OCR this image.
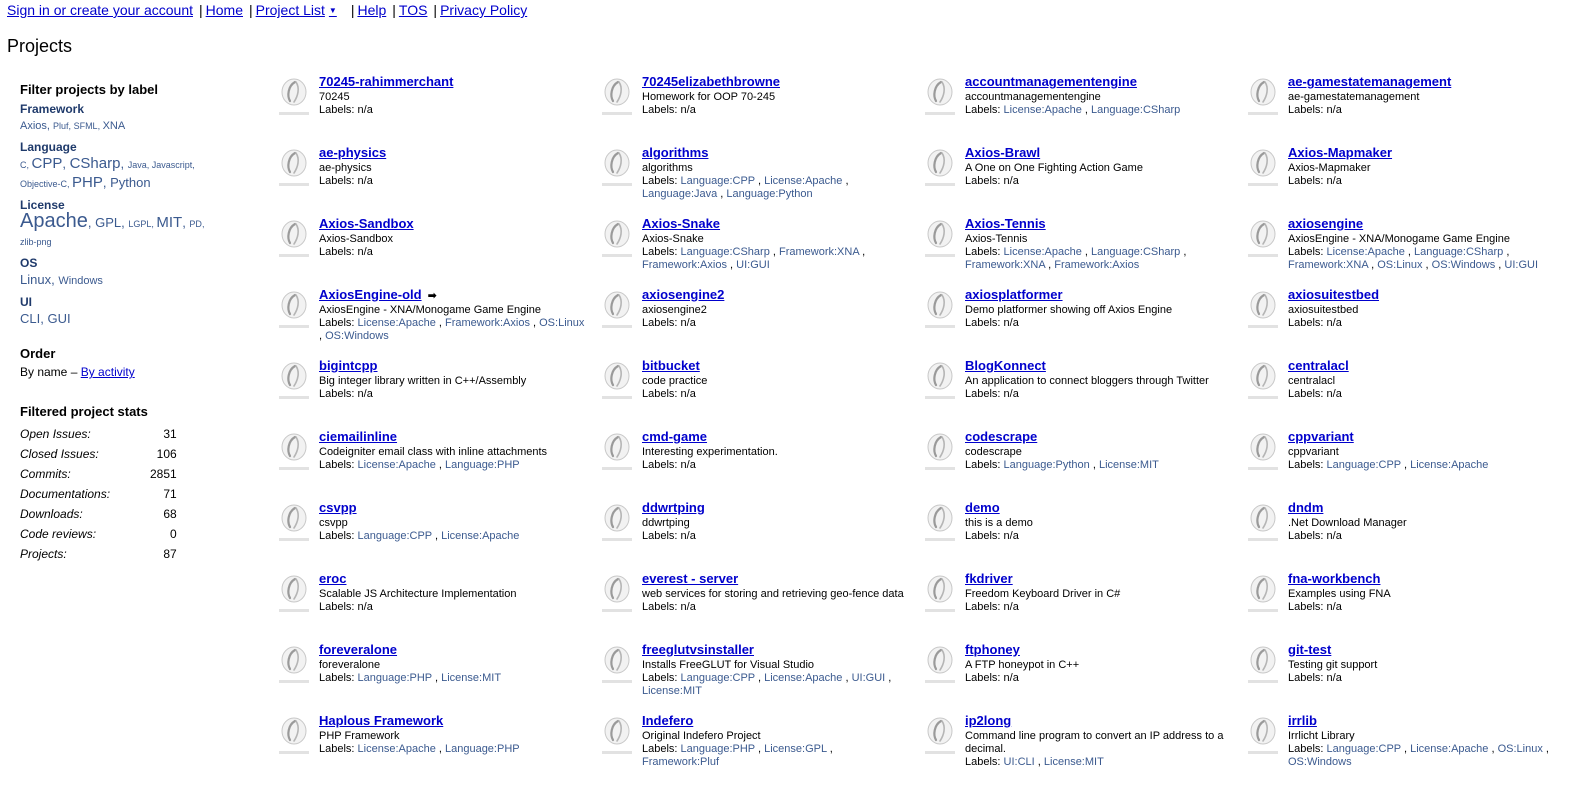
Sign in or create your account | Home | Project List ▼ | Help | TOS | Privacy Policy
Projects

Filter projects by label

Framework
Axios, Pluf, SFML, XNA
Language
C, CPP, CSharp, Java, Javascript, Objective-C, PHP, Python
License
Apache, GPL, LGPL, MIT, PD, zlib-png
OS
Linux, Windows
UI
CLI, GUI

Order

By name – By activity

Filtered project stats

Open Issues:	31
Closed Issues:	106
Commits:	2851
Documentations:	71
Downloads:	68
Code reviews:	0
Projects:	87
70245-rahimmerchant
70245
Labels: n/a
70245elizabethbrowne
Homework for OOP 70-245
Labels: n/a
accountmanagementengine
accountmanagementengine
Labels: License:Apache , Language:CSharp
ae-gamestatemanagement
ae-gamestatemanagement
Labels: n/a
ae-physics
ae-physics
Labels: n/a
algorithms
algorithms
Labels: Language:CPP , License:Apache , Language:Java , Language:Python
Axios-Brawl
A One on One Fighting Action Game
Labels: n/a
Axios-Mapmaker
Axios-Mapmaker
Labels: n/a
Axios-Sandbox
Axios-Sandbox
Labels: n/a
Axios-Snake
Axios-Snake
Labels: Language:CSharp , Framework:XNA , Framework:Axios , UI:GUI
Axios-Tennis
Axios-Tennis
Labels: License:Apache , Language:CSharp , Framework:XNA , Framework:Axios
axiosengine
AxiosEngine - XNA/Monogame Game Engine
Labels: License:Apache , Language:CSharp , Framework:XNA , OS:Linux , OS:Windows , UI:GUI
AxiosEngine-old ➡
AxiosEngine - XNA/Monogame Game Engine
Labels: License:Apache , Framework:Axios , OS:Linux , OS:Windows
axiosengine2
axiosengine2
Labels: n/a
axiosplatformer
Demo platformer showing off Axios Engine
Labels: n/a
axiosuitestbed
axiosuitestbed
Labels: n/a
bigintcpp
Big integer library written in C++/Assembly
Labels: n/a
bitbucket
code practice
Labels: n/a
BlogKonnect
An application to connect bloggers through Twitter
Labels: n/a
centralacl
centralacl
Labels: n/a
ciemailinline
Codeigniter email class with inline attachments
Labels: License:Apache , Language:PHP
cmd-game
Interesting experimentation.
Labels: n/a
codescrape
codescrape
Labels: Language:Python , License:MIT
cppvariant
cppvariant
Labels: Language:CPP , License:Apache
csvpp
csvpp
Labels: Language:CPP , License:Apache
ddwrtping
ddwrtping
Labels: n/a
demo
this is a demo
Labels: n/a
dndm
.Net Download Manager
Labels: n/a
eroc
Scalable JS Architecture Implementation
Labels: n/a
everest - server
web services for storing and retrieving geo-fence data
Labels: n/a
fkdriver
Freedom Keyboard Driver in C#
Labels: n/a
fna-workbench
Examples using FNA
Labels: n/a
foreveralone
foreveralone
Labels: Language:PHP , License:MIT
freeglutvsinstaller
Installs FreeGLUT for Visual Studio
Labels: Language:CPP , License:Apache , UI:GUI , License:MIT
ftphoney
A FTP honeypot in C++
Labels: n/a
git-test
Testing git support
Labels: n/a
Haplous Framework
PHP Framework
Labels: License:Apache , Language:PHP
Indefero
Original Indefero Project
Labels: Language:PHP , License:GPL , Framework:Pluf
ip2long
Command line program to convert an IP address to a decimal.
Labels: UI:CLI , License:MIT
irrlib
Irrlicht Library
Labels: Language:CPP , License:Apache , OS:Linux , OS:Windows
